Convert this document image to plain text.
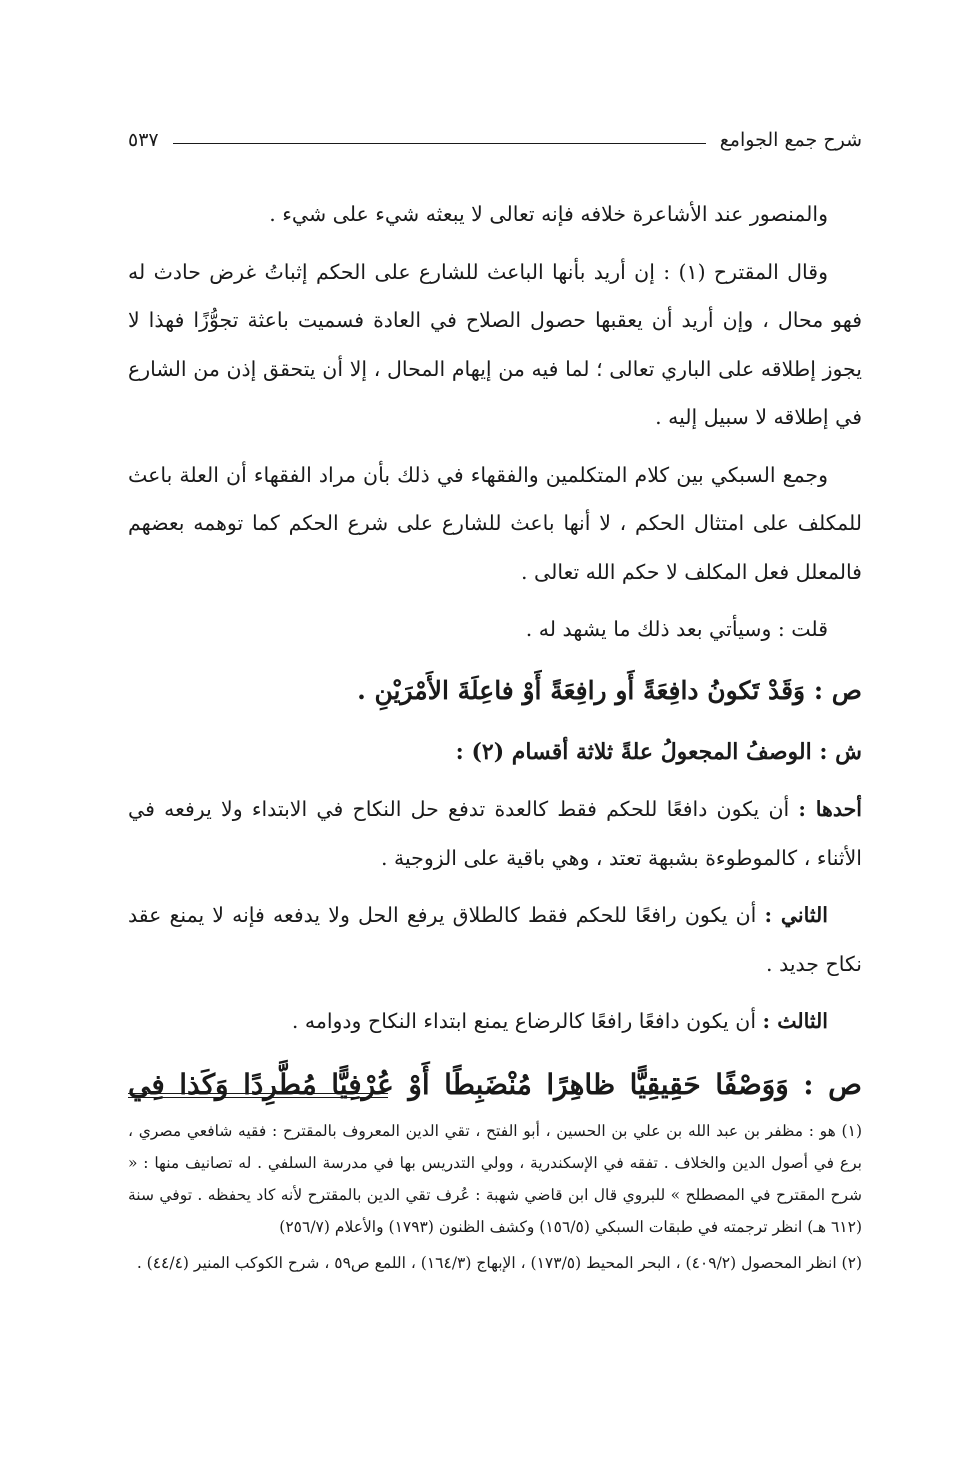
شرح جمع الجوامع
٥٣٧

والمنصور عند الأشاعرة خلافه فإنه تعالى لا يبعثه شيء على شيء .

وقال المقترح (١) : إن أريد بأنها الباعث للشارع على الحكم إثباتُ غرض حادث له فهو محال ، وإن أريد أن يعقبها حصول الصلاح في العادة فسميت باعثة تجوُّزًا فهذا لا يجوز إطلاقه على الباري تعالى ؛ لما فيه من إيهام المحال ، إلا أن يتحقق إذن من الشارع في إطلاقه لا سبيل إليه .

وجمع السبكي بين كلام المتكلمين والفقهاء في ذلك بأن مراد الفقهاء أن العلة باعث للمكلف على امتثال الحكم ، لا أنها باعث للشارع على شرع الحكم كما توهمه بعضهم فالمعلل فعل المكلف لا حكم الله تعالى .

قلت : وسيأتي بعد ذلك ما يشهد له .

ص : وَقَدْ تَكونُ دافِعَةً أَو رافِعَةً أَوْ فاعِلَةَ الأَمْرَيْنِ .

ش : الوصفُ المجعولُ علةً ثلاثة أقسام (٢) :

أحدها : أن يكون دافعًا للحكم فقط كالعدة تدفع حل النكاح في الابتداء ولا يرفعه في الأثناء ، كالموطوءة بشبهة تعتد ، وهي باقية على الزوجية .

الثاني : أن يكون رافعًا للحكم فقط كالطلاق يرفع الحل ولا يدفعه فإنه لا يمنع عقد نكاح جديد .

الثالث : أن يكون دافعًا رافعًا كالرضاع يمنع ابتداء النكاح ودوامه .

ص : وَوَصْفًا حَقِيقِيًّا ظاهِرًا مُنْضَبِطًا أَوْ عُرْفِيًّا مُطَّرِدًا وَكَذا فِي

(١) هو : مظفر بن عبد الله بن علي بن الحسين ، أبو الفتح ، تقي الدين المعروف بالمقترح : فقيه شافعي مصري ، برع في أصول الدين والخلاف . تفقه في الإسكندرية ، وولي التدريس بها في مدرسة السلفي . له تصانيف منها : « شرح المقترح في المصطلح » للبروي قال ابن قاضي شهبة : عُرف تقي الدين بالمقترح لأنه كاد يحفظه . توفي سنة (٦١٢ هـ) انظر ترجمته في طبقات السبكي (١٥٦/٥) وكشف الظنون (١٧٩٣) والأعلام (٢٥٦/٧)

(٢) انظر المحصول (٤٠٩/٢) ، البحر المحيط (١٧٣/٥) ، الإبهاج (١٦٤/٣) ، اللمع ص٥٩ ، شرح الكوكب المنير (٤٤/٤) .
